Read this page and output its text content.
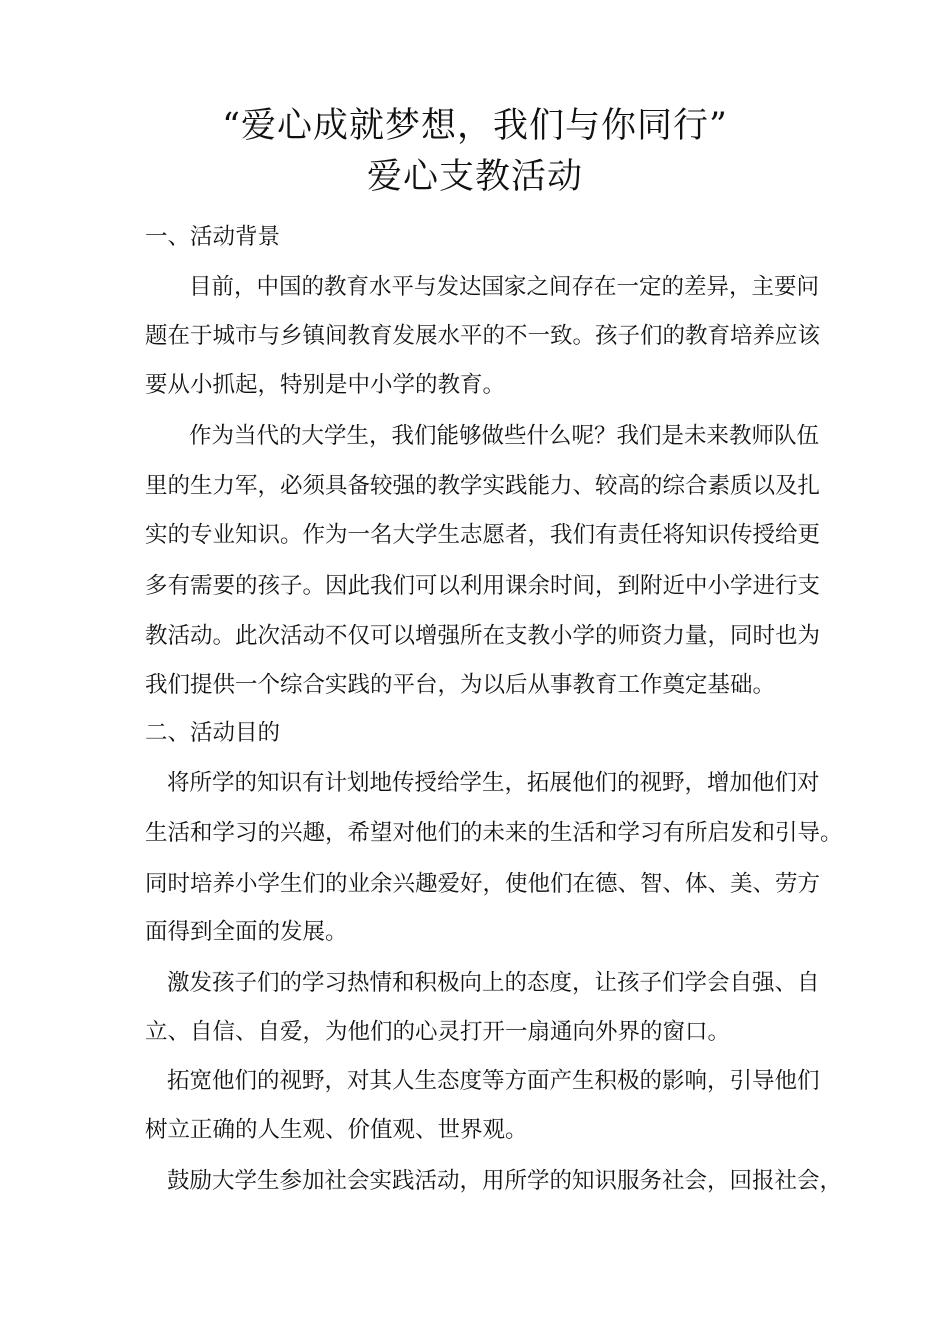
“爱心成就梦想，我们与你同行”
爱心支教活动
一、活动背景
目前，中国的教育水平与发达国家之间存在一定的差异，主要问
题在于城市与乡镇间教育发展水平的不一致。孩子们的教育培养应该
要从小抓起，特别是中小学的教育。
作为当代的大学生，我们能够做些什么呢？我们是未来教师队伍
里的生力军，必须具备较强的教学实践能力、较高的综合素质以及扎
实的专业知识。作为一名大学生志愿者，我们有责任将知识传授给更
多有需要的孩子。因此我们可以利用课余时间，到附近中小学进行支
教活动。此次活动不仅可以增强所在支教小学的师资力量，同时也为
我们提供一个综合实践的平台，为以后从事教育工作奠定基础。
二、活动目的
将所学的知识有计划地传授给学生，拓展他们的视野，增加他们对
生活和学习的兴趣，希望对他们的未来的生活和学习有所启发和引导。
同时培养小学生们的业余兴趣爱好，使他们在德、智、体、美、劳方
面得到全面的发展。
激发孩子们的学习热情和积极向上的态度，让孩子们学会自强、自
立、自信、自爱，为他们的心灵打开一扇通向外界的窗口。
拓宽他们的视野，对其人生态度等方面产生积极的影响，引导他们
树立正确的人生观、价值观、世界观。
鼓励大学生参加社会实践活动，用所学的知识服务社会，回报社会，
